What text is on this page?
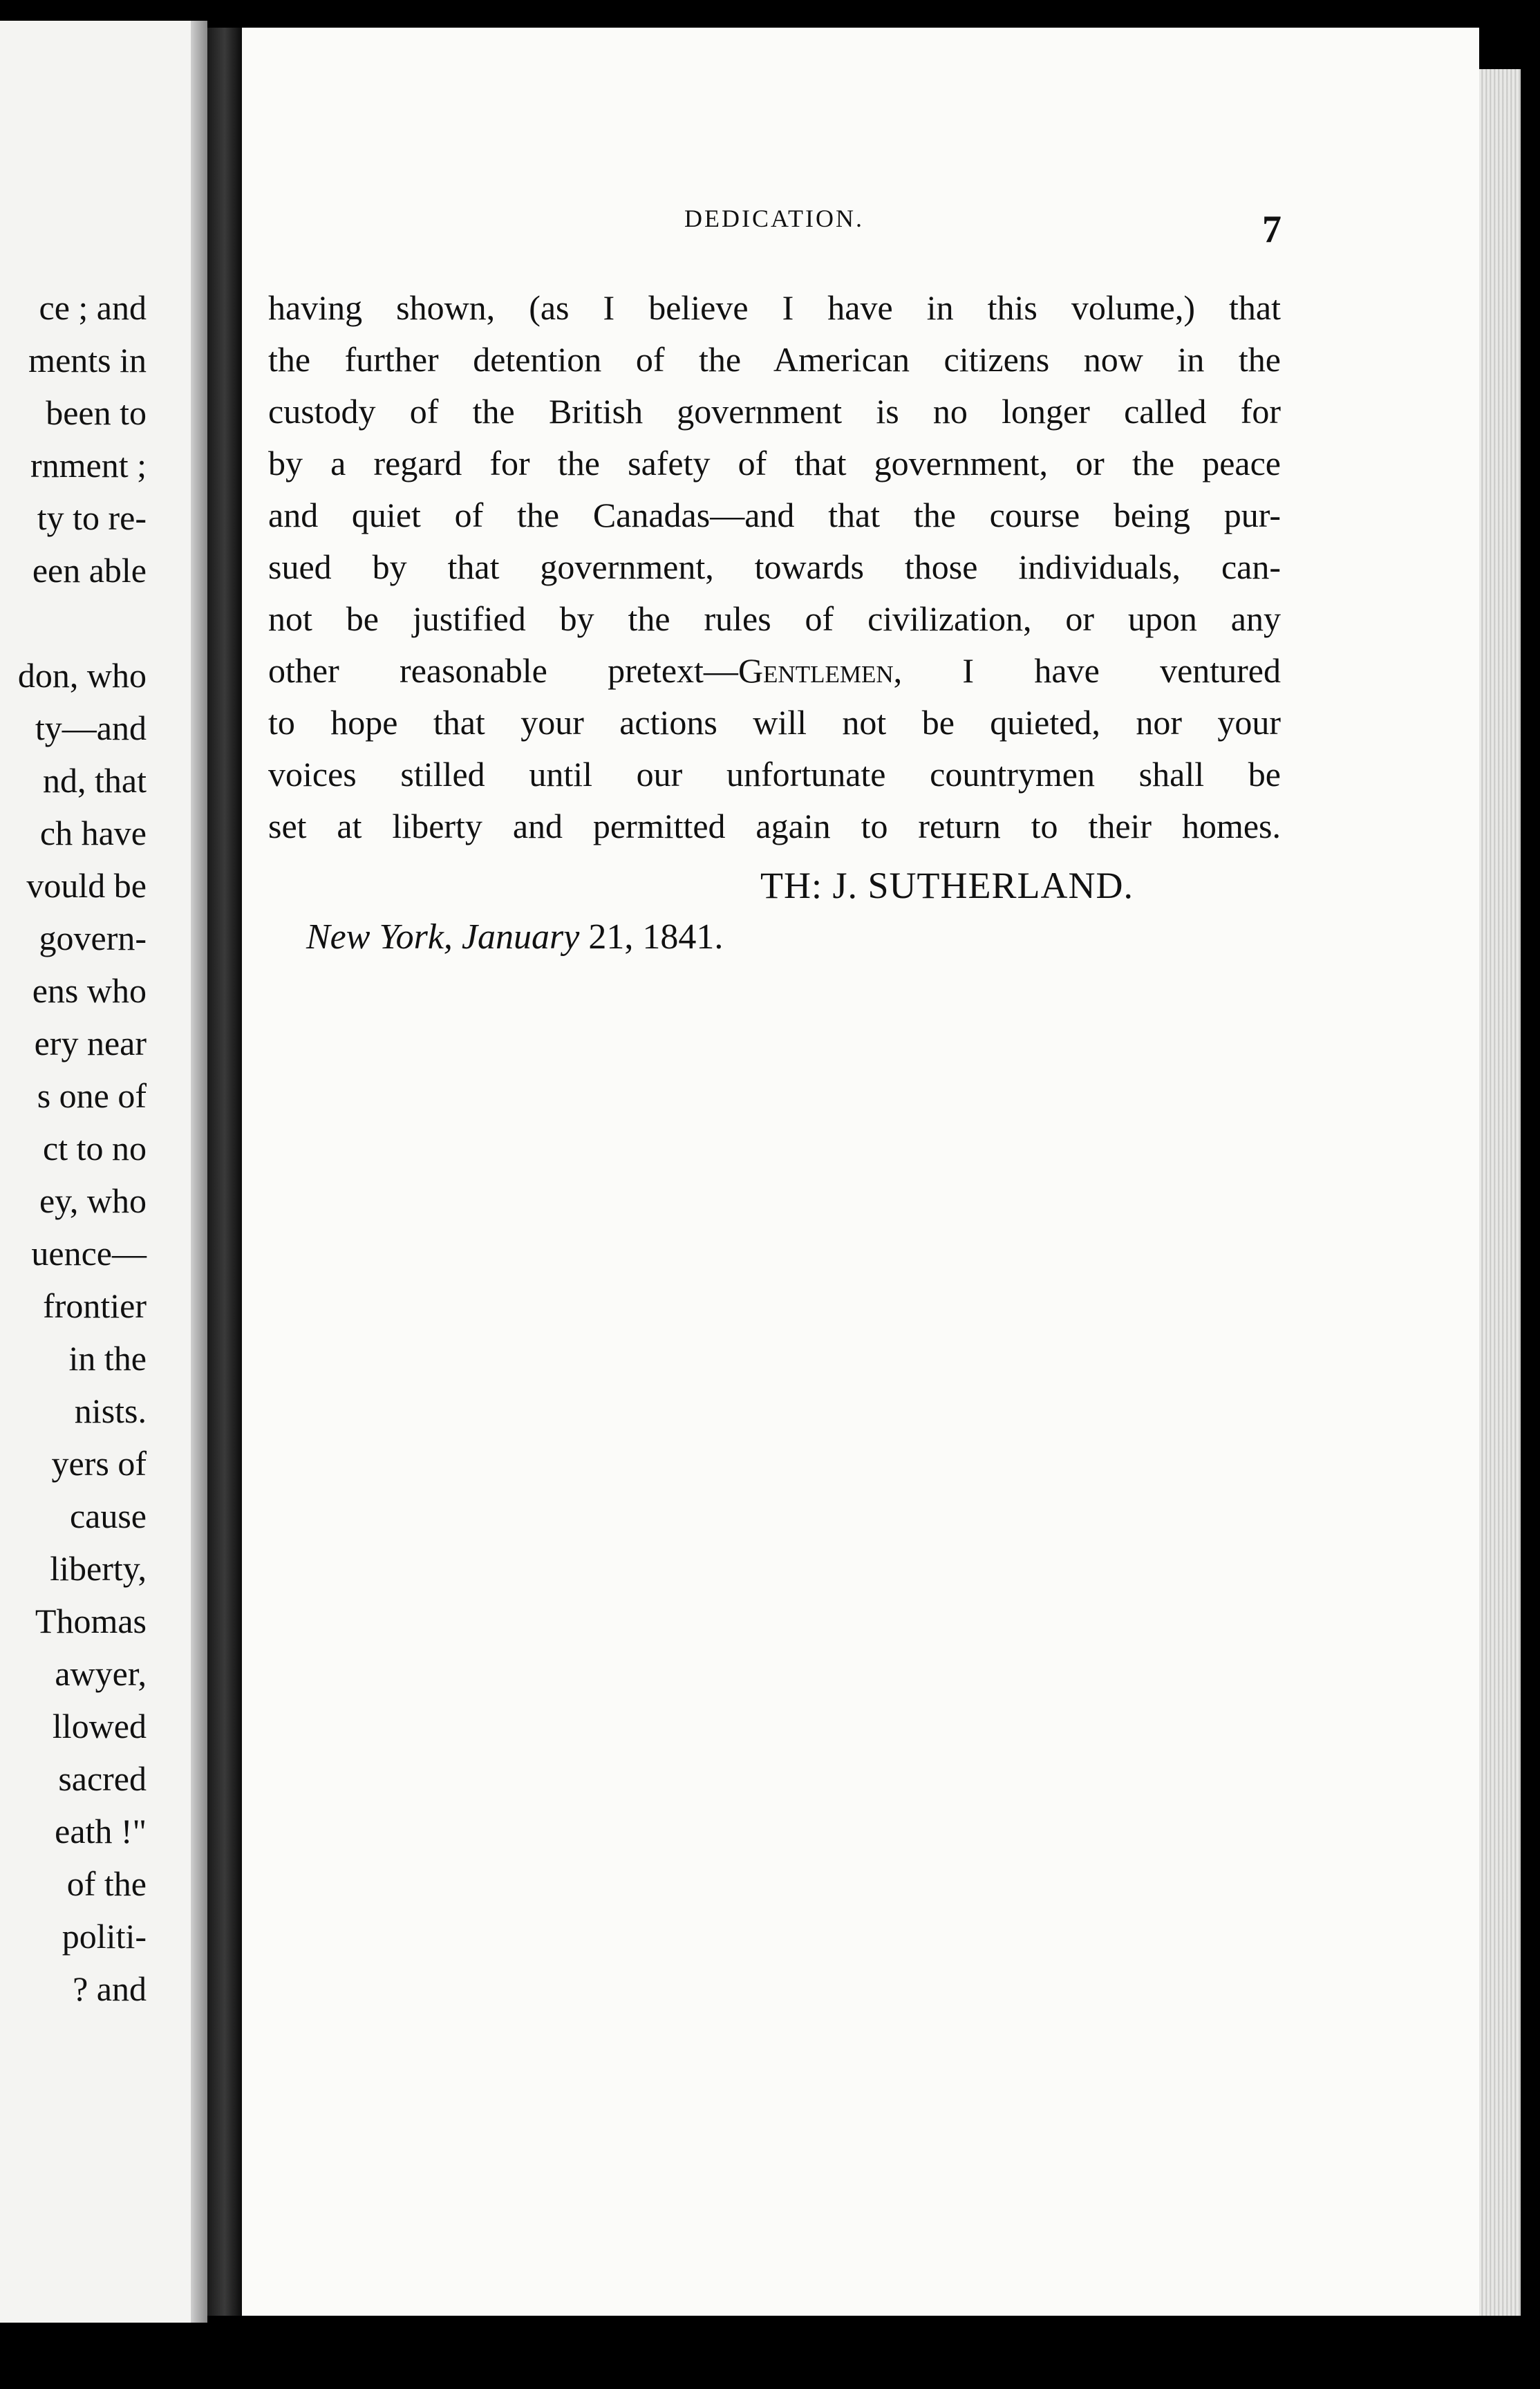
ce ; and
ments in
been to
rnment ;
ty to re-
een able
don, who
ty—and
nd, that
ch have
vould be
govern-
ens who
ery near
s one of
ct to no
ey, who
uence—
frontier
in the
nists.
yers of
cause
liberty,
Thomas
awyer,
llowed
sacred
eath !"
of the
politi-
? and
DEDICATION.	7
having shown, (as I believe I have in this volume,) that
the further detention of the American citizens now in the
custody of the British government is no longer called for
by a regard for the safety of that government, or the peace
and quiet of the Canadas—and that the course being pur-
sued by that government, towards those individuals, can-
not be justified by the rules of civilization, or upon any
other reasonable pretext—Gentlemen, I have ventured
to hope that your actions will not be quieted, nor your
voices stilled until our unfortunate countrymen shall be
set at liberty and permitted again to return to their homes.
TH: J. SUTHERLAND.
New York, January 21, 1841.
